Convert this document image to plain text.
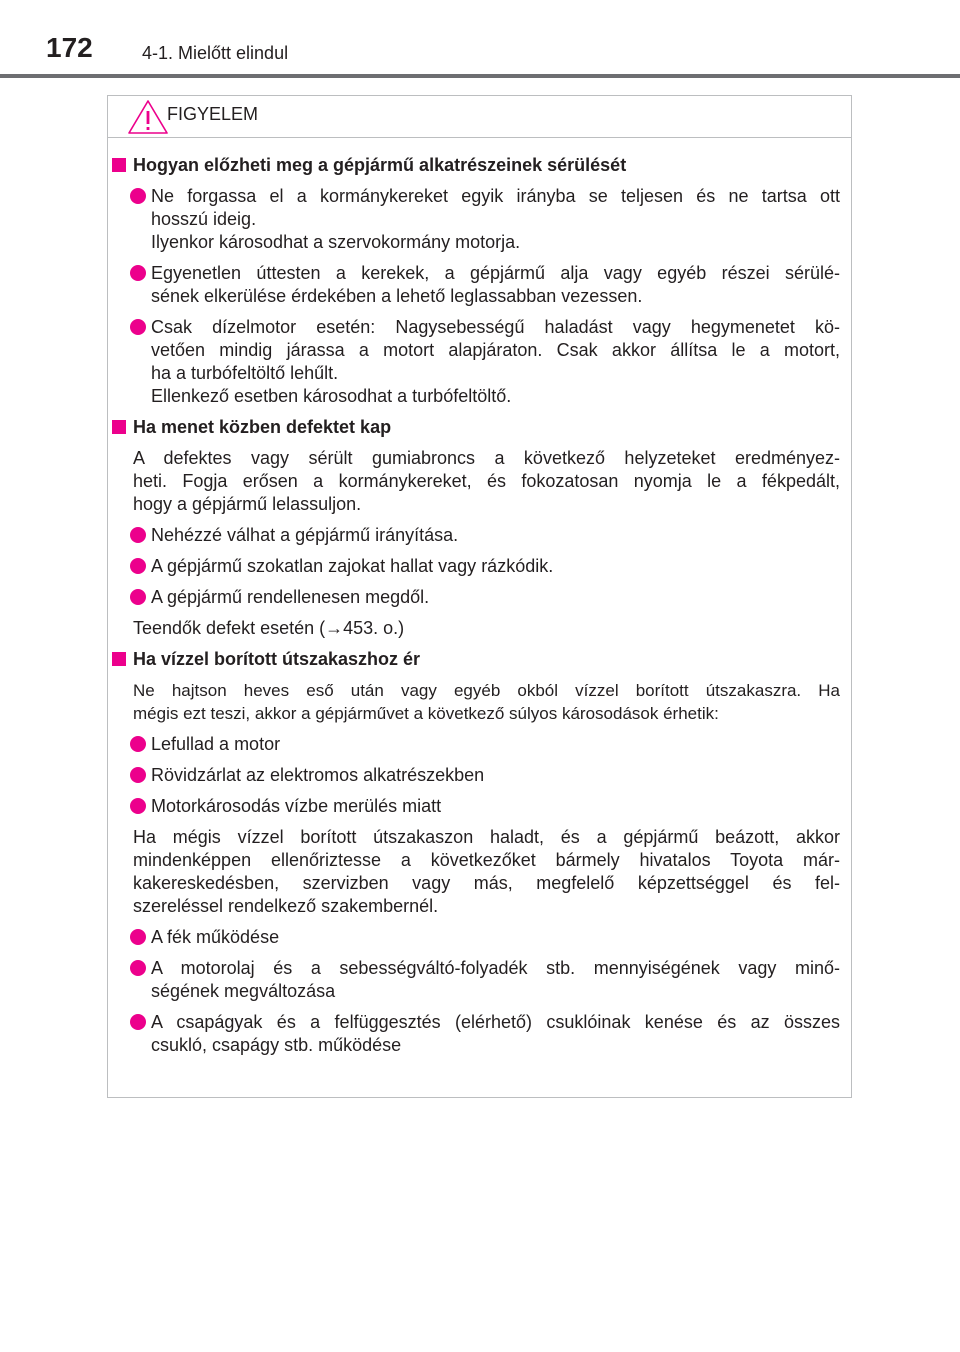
172	4-1. Mielőtt elindul
FIGYELEM
Hogyan előzheti meg a gépjármű alkatrészeinek sérülését
Ne forgassa el a kormánykereket egyik irányba se teljesen és ne tartsa ott
hosszú ideig.
Ilyenkor károsodhat a szervokormány motorja.
Egyenetlen úttesten a kerekek, a gépjármű alja vagy egyéb részei sérülé-
sének elkerülése érdekében a lehető leglassabban vezessen.
Csak dízelmotor esetén: Nagysebességű haladást vagy hegymenetet kö-
vetően mindig járassa a motort alapjáraton. Csak akkor állítsa le a motort,
ha a turbófeltöltő lehűlt.
Ellenkező esetben károsodhat a turbófeltöltő.
Ha menet közben defektet kap
A defektes vagy sérült gumiabroncs a következő helyzeteket eredményez-
heti. Fogja erősen a kormánykereket, és fokozatosan nyomja le a fékpedált,
hogy a gépjármű lelassuljon.
Nehézzé válhat a gépjármű irányítása.
A gépjármű szokatlan zajokat hallat vagy rázkódik.
A gépjármű rendellenesen megdől.
Teendők defekt esetén (→453. o.)
Ha vízzel borított útszakaszhoz ér
Ne hajtson heves eső után vagy egyéb okból vízzel borított útszakaszra. Ha
mégis ezt teszi, akkor a gépjárművet a következő súlyos károsodások érhetik:
Lefullad a motor
Rövidzárlat az elektromos alkatrészekben
Motorkárosodás vízbe merülés miatt
Ha mégis vízzel borított útszakaszon haladt, és a gépjármű beázott, akkor
mindenképpen ellenőriztesse a következőket bármely hivatalos Toyota már-
kakereskedésben, szervizben vagy más, megfelelő képzettséggel és fel-
szereléssel rendelkező szakembernél.
A fék működése
A motorolaj és a sebességváltó-folyadék stb. mennyiségének vagy minő-
ségének megváltozása
A csapágyak és a felfüggesztés (elérhető) csuklóinak kenése és az összes
csukló, csapágy stb. működése
